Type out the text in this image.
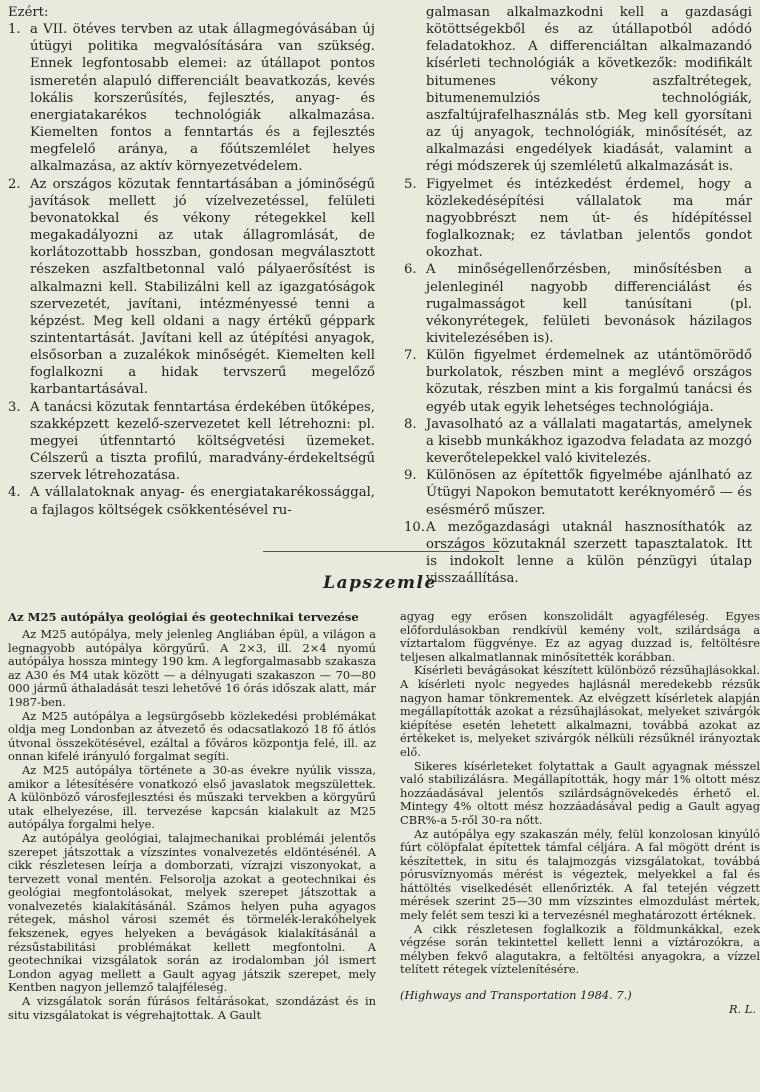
Ezért:

1. a VII. ötéves tervben az utak állagmegóvásában új útügyi politika megvalósítására van szükség. Ennek legfontosabb elemei: az útállapot pontos ismeretén alapuló differenciált beavatkozás, kevés lokális korszerűsítés, fejlesztés, anyag- és energiatakarékos technológiák alkalmazása. Kiemelten fontos a fenntartás és a fejlesztés megfelelő aránya, a főútszemlélet helyes alkalmazása, az aktív környezetvédelem.
2. Az országos közutak fenntartásában a jóminőségű javítások mellett jó vízelvezetéssel, felületi bevonatokkal és vékony rétegekkel kell megakadályozni az utak állagromlását, de korlátozottabb hosszban, gondosan megválasztott részeken aszfaltbetonnal való pályaerősítést is alkalmazni kell. Stabilizálni kell az igazgatóságok szervezetét, javítani, intézményessé tenni a képzést. Meg kell oldani a nagy értékű géppark szintentartását. Javítani kell az útépítési anyagok, elsősorban a zuzalékok minőségét. Kiemelten kell foglalkozni a hidak tervszerű megelőző karbantartásával.
3. A tanácsi közutak fenntartása érdekében ütőképes, szakképzett kezelő-szervezetet kell létrehozni: pl. megyei útfenntartó költségvetési üzemeket. Célszerű a tiszta profilú, maradvány-érdekeltségű szervek létrehozatása.
4. A vállalatoknak anyag- és energiatakarékossággal, a fajlagos költségek csökkentésével ru-

galmasan alkalmazkodni kell a gazdasági kötöttségekből és az útállapotból adódó feladatokhoz. A differenciáltan alkalmazandó kísérleti technológiák a következők: modifikált bitumenes vékony aszfaltrétegek, bitumenemulziós technológiák, aszfaltújrafelhasználás stb. Meg kell gyorsítani az új anyagok, technológiák, minősítését, az alkalmazási engedélyek kiadását, valamint a régi módszerek új szemléletű alkalmazását is.

5. Figyelmet és intézkedést érdemel, hogy a közlekedésépítési vállalatok ma már nagyobbrészt nem út- és hídépítéssel foglalkoznak; ez távlatban jelentős gondot okozhat.
6. A minőségellenőrzésben, minősítésben a jelenleginél nagyobb differenciálást és rugalmasságot kell tanúsítani (pl. vékonyrétegek, felületi bevonások házilagos kivitelezésében is).
7. Külön figyelmet érdemelnek az utántömörödő burkolatok, részben mint a meglévő országos közutak, részben mint a kis forgalmú tanácsi és egyéb utak egyik lehetséges technológiája.
8. Javasolható az a vállalati magatartás, amelynek a kisebb munkákhoz igazodva feladata az mozgó keverőtelepekkel való kivitelezés.
9. Különösen az építettők figyelmébe ajánlható az Útügyi Napokon bemutatott keréknyomérő — és esésmérő műszer.
10. A mezőgazdasági utaknál hasznosíthatók az országos közutaknál szerzett tapasztalatok. Itt is indokolt lenne a külön pénzügyi útalap visszaállítása.
Lapszemle
Az M25 autópálya geológiai és geotechnikai tervezése

Az M25 autópálya, mely jelenleg Angliában épül, a világon a legnagyobb autópálya körgyűrű. A 2×3, ill. 2×4 nyomú autópálya hossza mintegy 190 km. A legforgalmasabb szakasza az A30 és M4 utak között — a délnyugati szakaszon — 70—80 000 jármű áthaladását teszi lehetővé 16 órás időszak alatt, már 1987-ben.

Az M25 autópálya a legsürgősebb közlekedési problémákat oldja meg Londonban az átvezető és odacsatlakozó 18 fő átlós útvonal összekötésével, ezáltal a főváros központja felé, ill. az onnan kifelé irányuló forgalmat segíti.

Az M25 autópálya története a 30-as évekre nyúlik vissza, amikor a létesítésére vonatkozó első javaslatok megszülettek. A különböző városfejlesztési és műszaki tervekben a körgyűrű utak elhelyezése, ill. tervezése kapcsán kialakult az M25 autópálya forgalmi helye.

Az autópálya geológiai, talajmechanikai problémái jelentős szerepet játszottak a vízszintes vonalvezetés eldöntésénél. A cikk részletesen leírja a domborzati, vízrajzi viszonyokat, a tervezett vonal mentén. Felsorolja azokat a geotechnikai és geológiai megfontolásokat, melyek szerepet játszottak a vonalvezetés kialakításánál. Számos helyen puha agyagos rétegek, máshol városi szemét és törmelék-lerakóhelyek fekszenek, egyes helyeken a bevágások kialakításánál a rézsűstabilitási problémákat kellett megfontolni. A geotechnikai vizsgálatok során az irodalomban jól ismert London agyag mellett a Gault agyag játszik szerepet, mely Kentben nagyon jellemző talajféleség.

A vizsgálatok során fúrásos feltárásokat, szondázást és in situ vizsgálatokat is végrehajtottak. A Gault

agyag egy erősen konszolidált agyagféleség. Egyes előfordulásokban rendkívül kemény volt, szilárdsága a víztartalom függvénye. Ez az agyag duzzad is, feltöltésre teljesen alkalmatlannak minősítették korábban.

Kísérleti bevágásokat készített különböző rézsűhajlásokkal. A kísérleti nyolc negyedes hajlásnál meredekebb rézsűk nagyon hamar tönkrementek. Az elvégzett kísérletek alapján megállapították azokat a rézsűhajlásokat, melyeket szivárgók kiépítése esetén lehetett alkalmazni, továbbá azokat az értékeket is, melyeket szivárgók nélküli rézsűknél irányoztak elő.

Sikeres kísérleteket folytattak a Gault agyagnak mésszel való stabilizálásra. Megállapították, hogy már 1% oltott mész hozzáadásával jelentős szilárdságnövekedés érhető el. Mintegy 4% oltott mész hozzáadásával pedig a Gault agyag CBR%-a 5-ről 30-ra nőtt.

Az autópálya egy szakaszán mély, felül konzolosan kinyúló fúrt cölöpfalat építettek támfal céljára. A fal mögött drént is készítettek, in situ és talajmozgás vizsgálatokat, továbbá pórusvíznyomás mérést is végeztek, melyekkel a fal és háttöltés viselkedését ellenőrizték. A fal tetején végzett mérések szerint 25—30 mm vízszintes elmozdulást mértek, mely felét sem teszi ki a tervezésnél meghatározott értéknek.

A cikk részletesen foglalkozik a földmunkákkal, ezek végzése során tekintettel kellett lenni a víztározókra, a mélyben fekvő alagutakra, a feltöltési anyagokra, a vízzel telített rétegek víztelenítésére.

(Highways and Transportation 1984. 7.)
R. L.
